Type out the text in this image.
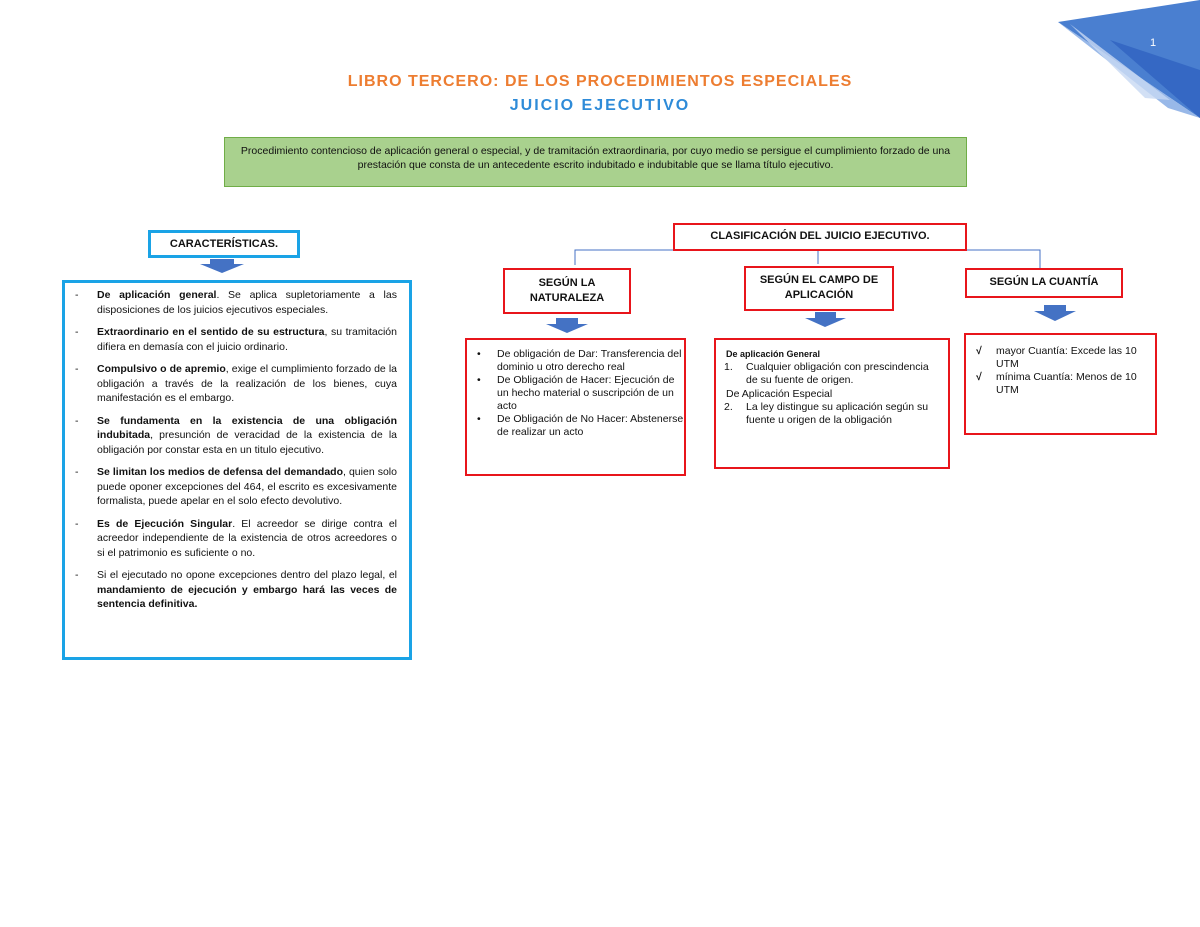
1
LIBRO TERCERO: DE LOS PROCEDIMIENTOS ESPECIALES
JUICIO EJECUTIVO
Procedimiento contencioso de aplicación general o especial, y de tramitación extraordinaria, por cuyo medio se persigue el cumplimiento forzado de una prestación que consta de un antecedente escrito indubitado e indubitable que se llama título ejecutivo.
CARACTERÍSTICAS.
- De aplicación general. Se aplica supletoriamente a las disposiciones de los juicios ejecutivos especiales.
- Extraordinario en el sentido de su estructura, su tramitación difiera en demasía con el juicio ordinario.
- Compulsivo o de apremio, exige el cumplimiento forzado de la obligación a través de la realización de los bienes, cuya manifestación es el embargo.
- Se fundamenta en la existencia de una obligación indubitada, presunción de veracidad de la existencia de la obligación por constar esta en un titulo ejecutivo.
- Se limitan los medios de defensa del demandado, quien solo puede oponer excepciones del 464, el escrito es excesivamente formalista, puede apelar en el solo efecto devolutivo.
- Es de Ejecución Singular. El acreedor se dirige contra el acreedor independiente de la existencia de otros acreedores o si el patrimonio es suficiente o no.
- Si el ejecutado no opone excepciones dentro del plazo legal, el mandamiento de ejecución y embargo hará las veces de sentencia definitiva.
CLASIFICACIÓN DEL JUICIO EJECUTIVO.
SEGÚN LA NATURALEZA
• De obligación de Dar: Transferencia del dominio u otro derecho real
• De Obligación de Hacer: Ejecución de un hecho material o suscripción de un acto
• De Obligación de No Hacer: Abstenerse de realizar un acto
SEGÚN EL CAMPO DE APLICACIÓN
De aplicación General
1. Cualquier obligación con prescindencia de su fuente de origen.
De Aplicación Especial
2. La ley distingue su aplicación según su fuente u origen de la obligación
SEGÚN LA CUANTÍA
√ mayor Cuantía: Excede las 10 UTM
√ mínima Cuantía: Menos de 10 UTM
